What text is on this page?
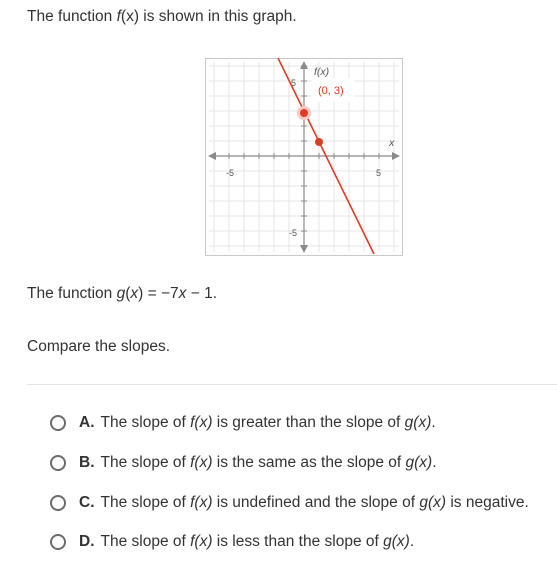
The function f(x) is shown in this graph.
f(x)
x
-5	5
5
-5
(0, 3)
The function g(x) = −7x − 1.
Compare the slopes.
A. The slope of f(x) is greater than the slope of g(x).
B. The slope of f(x) is the same as the slope of g(x).
C. The slope of f(x) is undefined and the slope of g(x) is negative.
D. The slope of f(x) is less than the slope of g(x).
